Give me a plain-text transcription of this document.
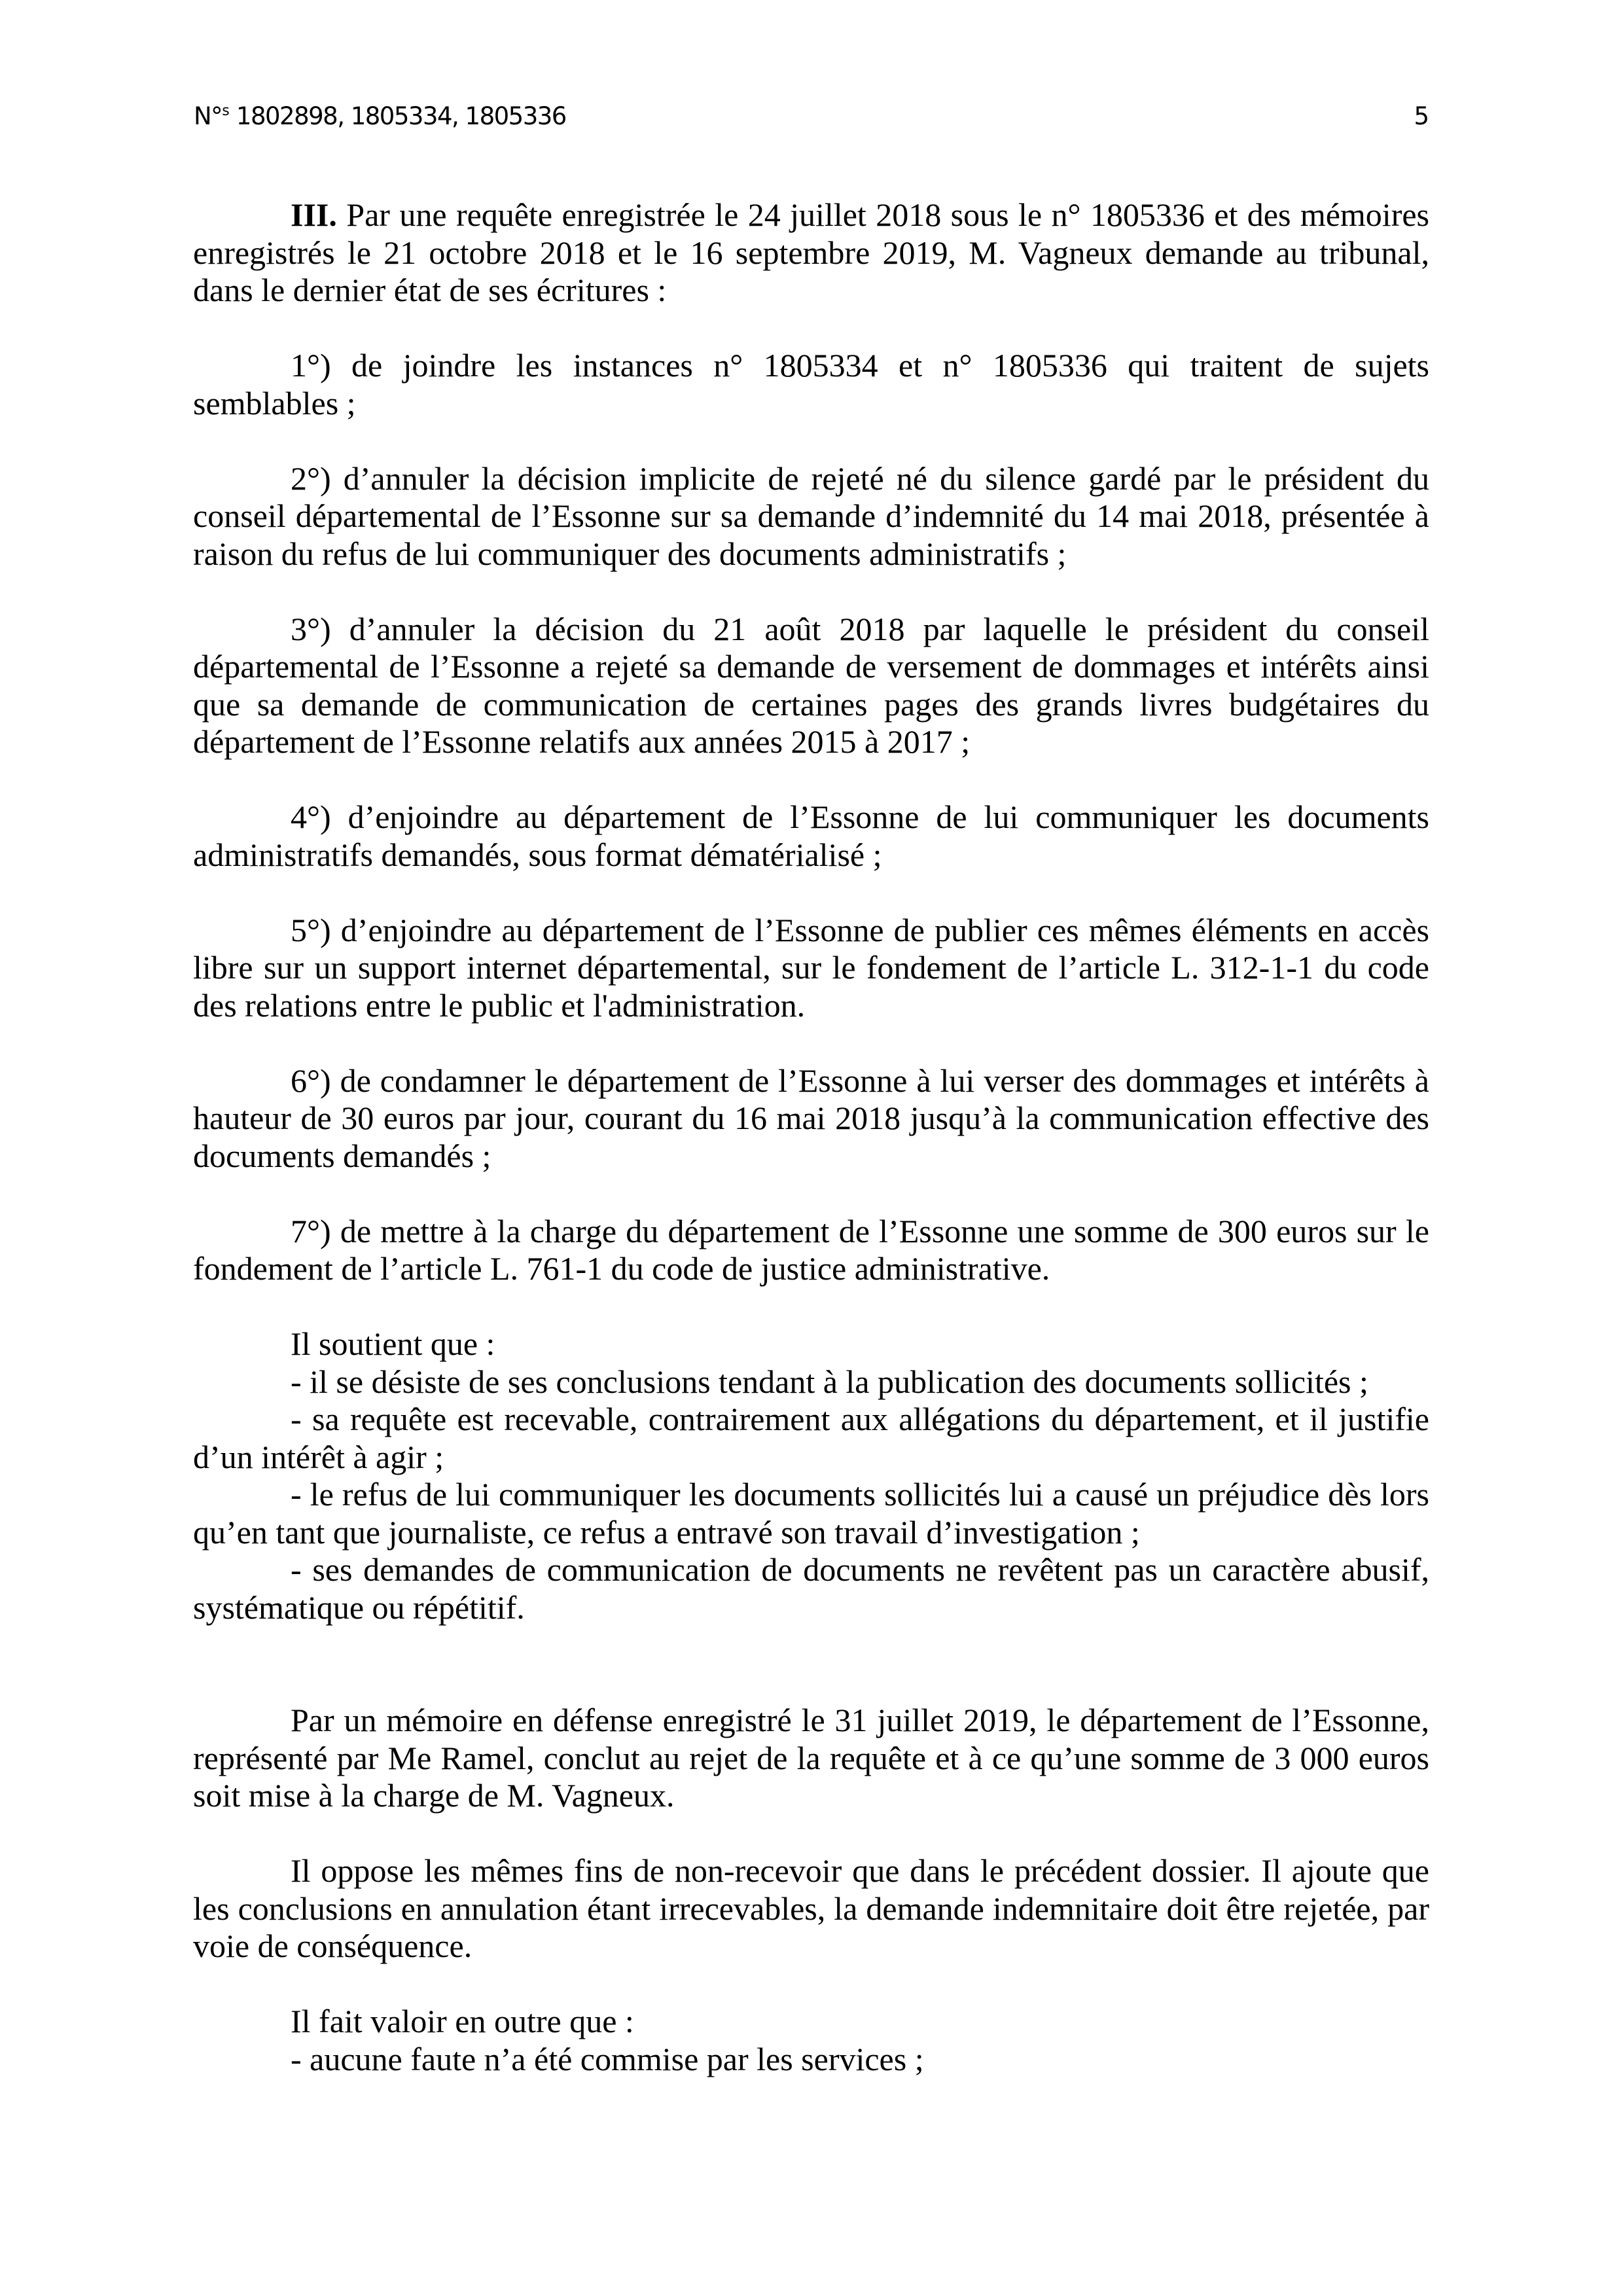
N°$^s$ 1802898, 1805334, 1805336	5
III. Par une requête enregistrée le 24 juillet 2018 sous le n° 1805336 et des mémoires
enregistrés le 21 octobre 2018 et le 16 septembre 2019, M. Vagneux demande au tribunal,
dans le dernier état de ses écritures :
1°) de joindre les instances n° 1805334 et n° 1805336 qui traitent de sujets
semblables ;
2°) d’annuler la décision implicite de rejeté né du silence gardé par le président du
conseil départemental de l’Essonne sur sa demande d’indemnité du 14 mai 2018, présentée à
raison du refus de lui communiquer des documents administratifs ;
3°) d’annuler la décision du 21 août 2018 par laquelle le président du conseil
départemental de l’Essonne a rejeté sa demande de versement de dommages et intérêts ainsi
que sa demande de communication de certaines pages des grands livres budgétaires du
département de l’Essonne relatifs aux années 2015 à 2017 ;
4°) d’enjoindre au département de l’Essonne de lui communiquer les documents
administratifs demandés, sous format dématérialisé ;
5°) d’enjoindre au département de l’Essonne de publier ces mêmes éléments en accès
libre sur un support internet départemental, sur le fondement de l’article L. 312-1-1 du code
des relations entre le public et l'administration.
6°) de condamner le département de l’Essonne à lui verser des dommages et intérêts à
hauteur de 30 euros par jour, courant du 16 mai 2018 jusqu’à la communication effective des
documents demandés ;
7°) de mettre à la charge du département de l’Essonne une somme de 300 euros sur le
fondement de l’article L. 761-1 du code de justice administrative.
Il soutient que :
- il se désiste de ses conclusions tendant à la publication des documents sollicités ;
- sa requête est recevable, contrairement aux allégations du département, et il justifie
d’un intérêt à agir ;
- le refus de lui communiquer les documents sollicités lui a causé un préjudice dès lors
qu’en tant que journaliste, ce refus a entravé son travail d’investigation ;
- ses demandes de communication de documents ne revêtent pas un caractère abusif,
systématique ou répétitif.
Par un mémoire en défense enregistré le 31 juillet 2019, le département de l’Essonne,
représenté par Me Ramel, conclut au rejet de la requête et à ce qu’une somme de 3 000 euros
soit mise à la charge de M. Vagneux.
Il oppose les mêmes fins de non-recevoir que dans le précédent dossier. Il ajoute que
les conclusions en annulation étant irrecevables, la demande indemnitaire doit être rejetée, par
voie de conséquence.
Il fait valoir en outre que :
- aucune faute n’a été commise par les services ;
